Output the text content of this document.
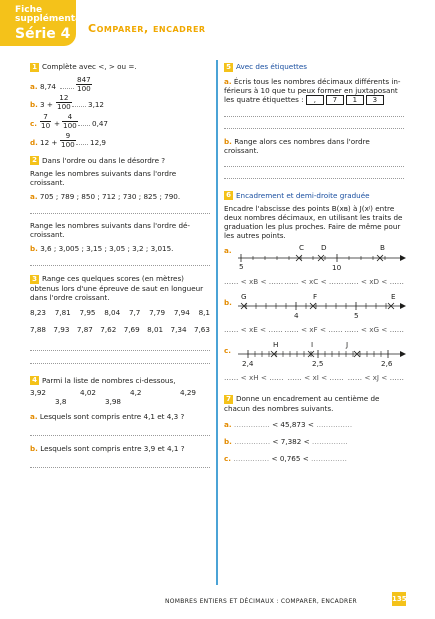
Fiche
supplémentaire
Série 4 Comparer, encadrer
1 Complète avec <, > ou =.
a. 8,74	$\frac{847}{100}$
b. $3 + \frac{12}{100} 3,12$
c. $\frac{7}{10} + \frac{4}{100} 0,47$
d. $12 + \frac{9}{100} 12,9$
2 Dans l'ordre ou dans le désordre ?
Range les nombres suivants dans l'ordre croissant.
a. 705 ; 789 ; 850 ; 712 ; 730 ; 825 ; 790.
Range les nombres suivants dans l'ordre dé-croissant.
b. 3,6 ; 3,005 ; 3,15 ; 3,05 ; 3,2 ; 3,015.
3 Range ces quelques scores (en mètres) obtenus lors d'une épreuve de saut en longueur dans l'ordre croissant.
8,23 7,81 7,95 8,04 7,7 7,79 7,94 8,1
7,88 7,93 7,87 7,62 7,69 8,01 7,34 7,63
4 Parmi la liste de nombres ci-dessous,
3,92	4,02	4,2	4,29
3,8	3,98
a. Lesquels sont compris entre 4,1 et 4,3 ?
b. Lesquels sont compris entre 3,9 et 4,1 ?
5 Avec des étiquettes
a. Écris tous les nombres décimaux différents in-férieurs à 10 que tu peux former en juxtaposant les quatre étiquettes : , 7 1 3
b. Range alors ces nombres dans l'ordre croissant.
6 Encadrement et demi-droite graduée
Encadre l'abscisse des points B(xʙ) à J(xᴶ) entre deux nombres décimaux, en utilisant les traits de graduation les plus proches. Faire de même pour les autres points.
a.	C D	B
5	10
…… < xB < …… …… < xC < …… …… < xD < ……
b.
G	F	E
4	5
…… < xE < …… …… < xF < …… …… < xG < ……
c.
H	I	J
2,4	2,5	2,6
…… < xH < …… …… < xI < …… …… < xJ < ……
7 Donne un encadrement au centième de chacun des nombres suivants.
a. …………… < 45,873 < ……………
b. …………… < 7,382 < ……………
c. …………… < 0,765 < ……………
NOMBRES ENTIERS ET DÉCIMAUX : COMPARER, ENCADRER	135
